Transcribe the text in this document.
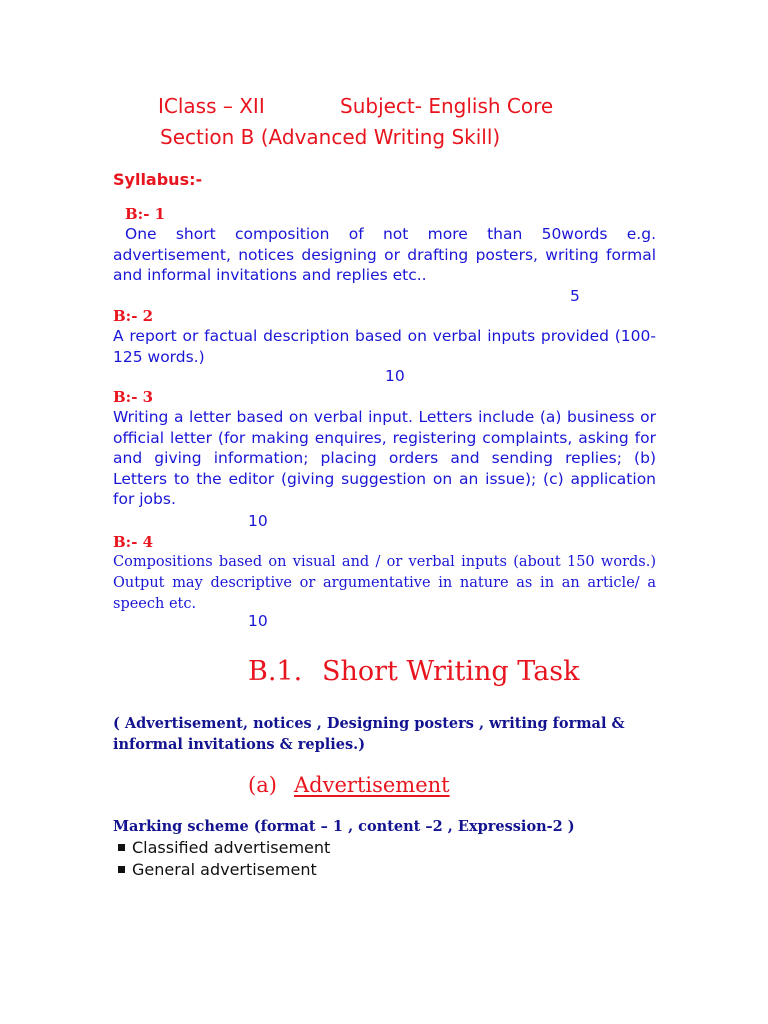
IClass – XII	Subject- English Core
Section B (Advanced Writing Skill)
Syllabus:-
B:- 1

One short composition of not more than 50words e.g. advertisement, notices designing or drafting posters, writing formal and informal invitations and replies etc..

5
B:- 2

A report or factual description based on verbal inputs provided (100-125 words.)

10
B:- 3

Writing a letter based on verbal input. Letters include (a) business or official letter (for making enquires, registering complaints, asking for and giving information; placing orders and sending replies; (b) Letters to the editor (giving suggestion on an issue); (c) application for jobs.

10
B:- 4

Compositions based on visual and / or verbal inputs (about 150 words.) Output may descriptive or argumentative in nature as in an article/ a speech etc.

10
B.1. Short Writing Task

( Advertisement, notices , Designing posters , writing formal & informal invitations & replies.)

(a) Advertisement
Marking scheme (format – 1 , content –2 , Expression-2 )
Classified advertisement
General advertisement
